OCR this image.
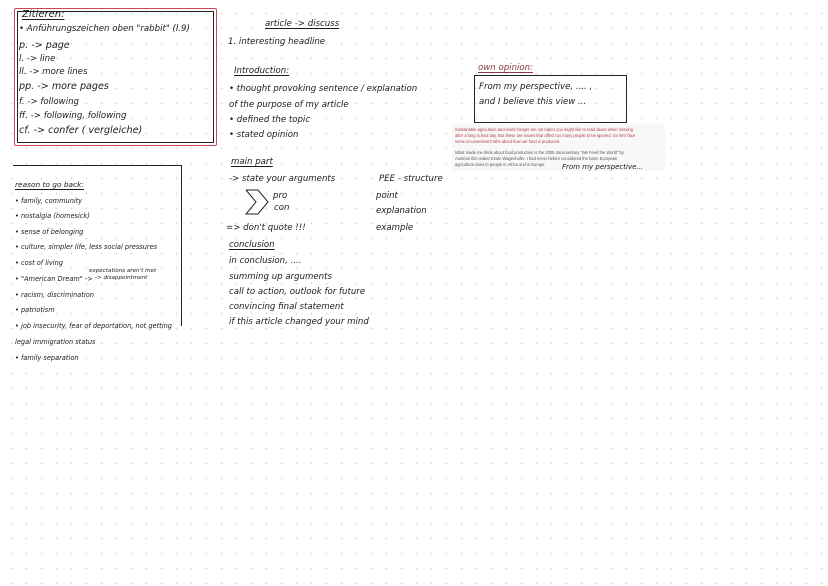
Zitieren:
• Anführungszeichen oben "rabbit" (l.9)
p. -> page
l. -> line
ll. -> more lines
pp. -> more pages
f. -> following
ff. -> following, following
cf. -> confer ( vergleiche)
article -> discuss
1. interesting headline
Introduction:
• thought provoking sentence / explanation
of the purpose of my article
• defined the topic
• stated opinion
main part
-> state your arguments
pro
con
=> don't quote !!!
PEE - structure
point
explanation
example
conclusion
in conclusion, ....
summing up arguments
call to action, outlook for future
convincing final statement
if this article changed your mind
own opinion:
From my perspective, .... ,
and I believe this view ...
Sustainable agriculture and world hunger are not topics you might like to read about when relaxing
after a long school day. But these are issues that affect too many people to be ignored. So let's face
some inconvenient truths about how our food is produced.
What made me think about food production is the 2005 documentary "We Feed the World" by
Austrian film maker Erwin Wagenhofer. I had never before considered the harm European
agriculture does to people in Africa and in Europe. From my perspective...
reason to go back:
• family, community
• nostalgia (homesick)
• sense of belonging
• culture, simpler life, less social pressures
• cost of living
• "American Dream" ->
expectations aren't met
-> disappointment
• racism, discrimination
• patriotism
• job insecurity, fear of deportation, not getting
legal immigration status
• family separation
